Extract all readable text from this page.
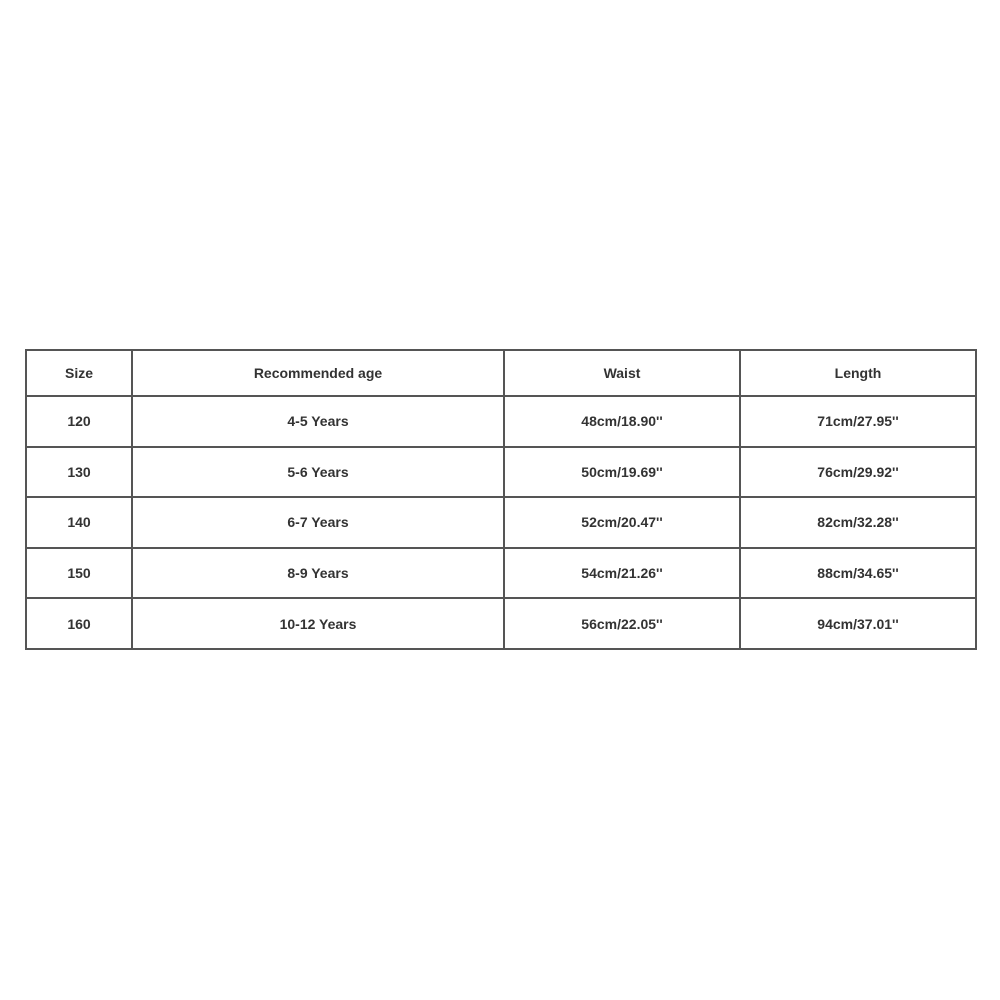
Size	Recommended age	Waist	Length
120	4-5 Years	48cm/18.90''	71cm/27.95''
130	5-6 Years	50cm/19.69''	76cm/29.92''
140	6-7 Years	52cm/20.47''	82cm/32.28''
150	8-9 Years	54cm/21.26''	88cm/34.65''
160	10-12 Years	56cm/22.05''	94cm/37.01''
